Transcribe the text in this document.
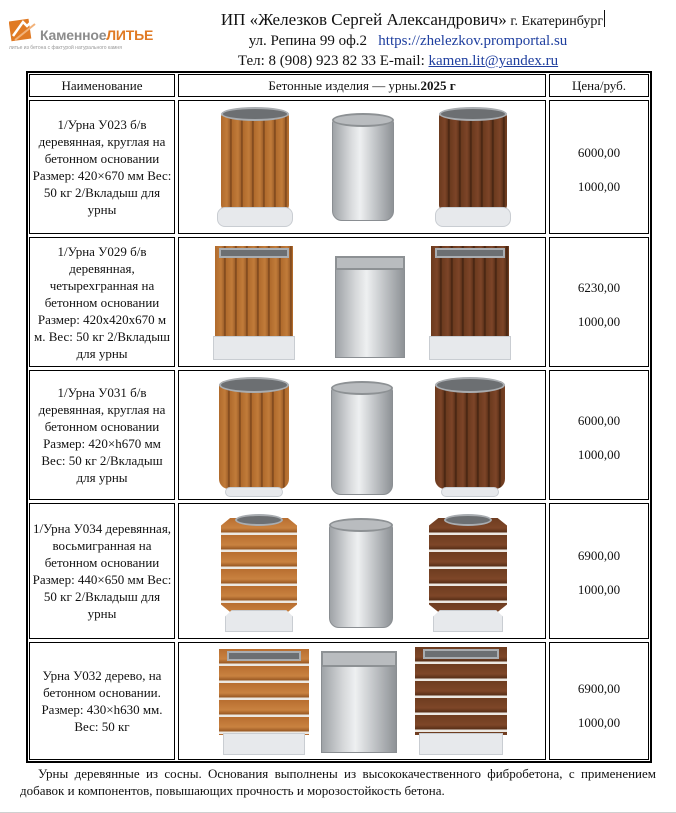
КаменноеЛИТЬЕ
литье из бетона с фактурой натурального камня
ИП «Железков Сергей Александрович» г. Екатеринбург
ул. Репина 99 оф.2 https://zhelezkov.promportal.su
Тел: 8 (908) 923 82 33 E-mail: kamen.lit@yandex.ru
Наименование	Бетонные изделия — урны. 2025 г	Цена/руб.
1/Урна У023 б/в деревянная, круглая на бетонном основании Размер: 420×670 мм Вес: 50 кг 2/Вкладыш для урны
6000,00
1000,00
1/Урна У029 б/в деревянная, четырехгранная на бетонном основании Размер: 420х420х670 м м. Вес: 50 кг 2/Вкладыш для урны
6230,00
1000,00
1/Урна У031 б/в деревянная, круглая на бетонном основании Размер: 420×h670 мм Вес: 50 кг 2/Вкладыш для урны
6000,00
1000,00
1/Урна У034 деревянная, восьмигранная на бетонном основании Размер: 440×650 мм Вес: 50 кг 2/Вкладыш для урны
6900,00
1000,00
Урна У032 дерево, на бетонном основании. Размер: 430×h630 мм. Вес: 50 кг
6900,00
1000,00
Урны деревянные из сосны. Основания выполнены из высококачественного фибробетона, с применением добавок и компонентов, повышающих прочность и морозостойкость бетона.
